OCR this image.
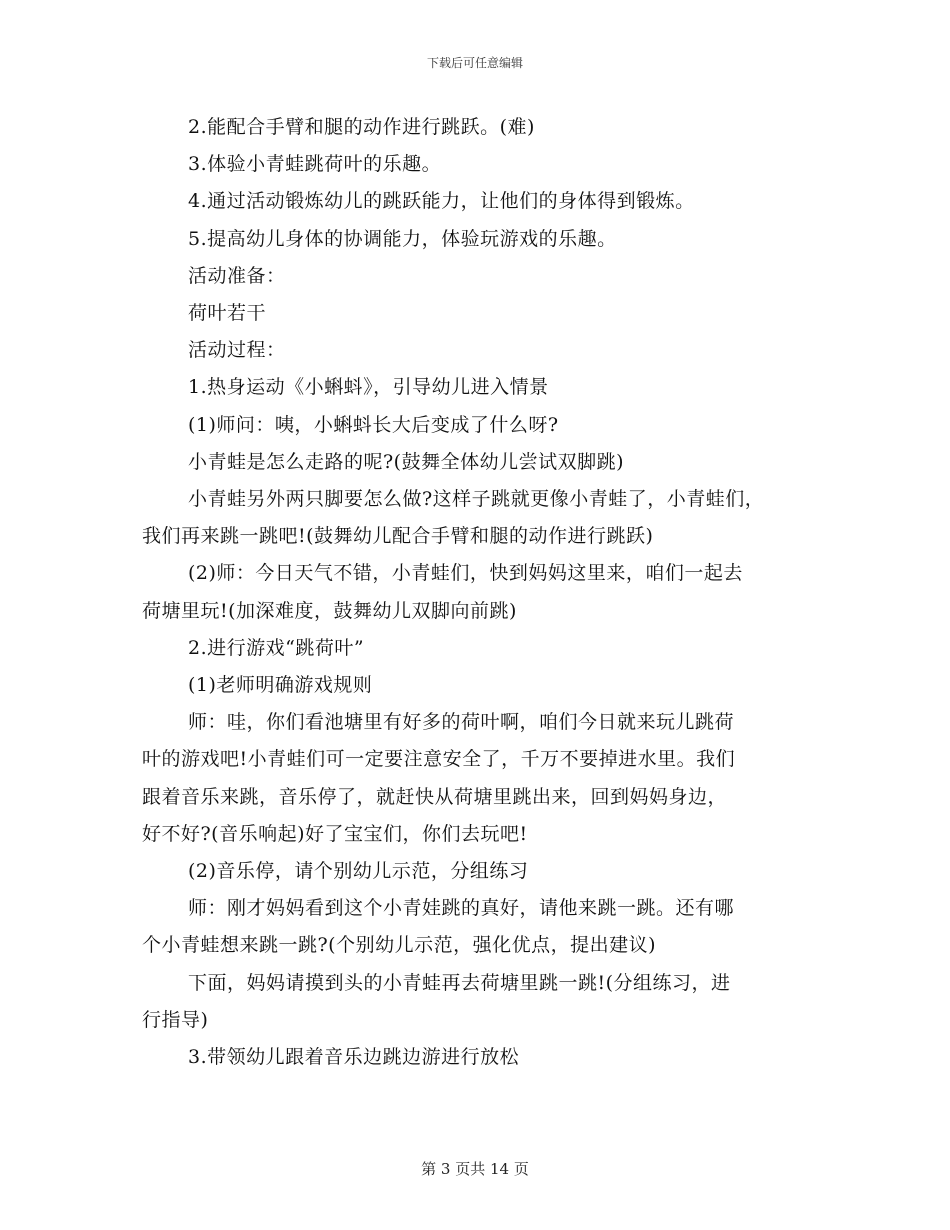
下载后可任意编辑
2.能配合手臂和腿的动作进行跳跃。(难)
3.体验小青蛙跳荷叶的乐趣。
4.通过活动锻炼幼儿的跳跃能力，让他们的身体得到锻炼。
5.提高幼儿身体的协调能力，体验玩游戏的乐趣。
活动准备：
荷叶若干
活动过程：
1.热身运动《小蝌蚪》，引导幼儿进入情景
(1)师问：咦，小蝌蚪长大后变成了什么呀?
小青蛙是怎么走路的呢?(鼓舞全体幼儿尝试双脚跳)
小青蛙另外两只脚要怎么做?这样子跳就更像小青蛙了，小青蛙们，
我们再来跳一跳吧!(鼓舞幼儿配合手臂和腿的动作进行跳跃)
(2)师：今日天气不错，小青蛙们，快到妈妈这里来，咱们一起去
荷塘里玩!(加深难度，鼓舞幼儿双脚向前跳)
2.进行游戏“跳荷叶”
(1)老师明确游戏规则
师：哇，你们看池塘里有好多的荷叶啊，咱们今日就来玩儿跳荷
叶的游戏吧!小青蛙们可一定要注意安全了，千万不要掉进水里。我们
跟着音乐来跳，音乐停了，就赶快从荷塘里跳出来，回到妈妈身边，
好不好?(音乐响起)好了宝宝们，你们去玩吧!
(2)音乐停，请个别幼儿示范，分组练习
师：刚才妈妈看到这个小青娃跳的真好，请他来跳一跳。还有哪
个小青蛙想来跳一跳?(个别幼儿示范，强化优点，提出建议)
下面，妈妈请摸到头的小青蛙再去荷塘里跳一跳!(分组练习，进
行指导)
3.带领幼儿跟着音乐边跳边游进行放松
第 3 页共 14 页
